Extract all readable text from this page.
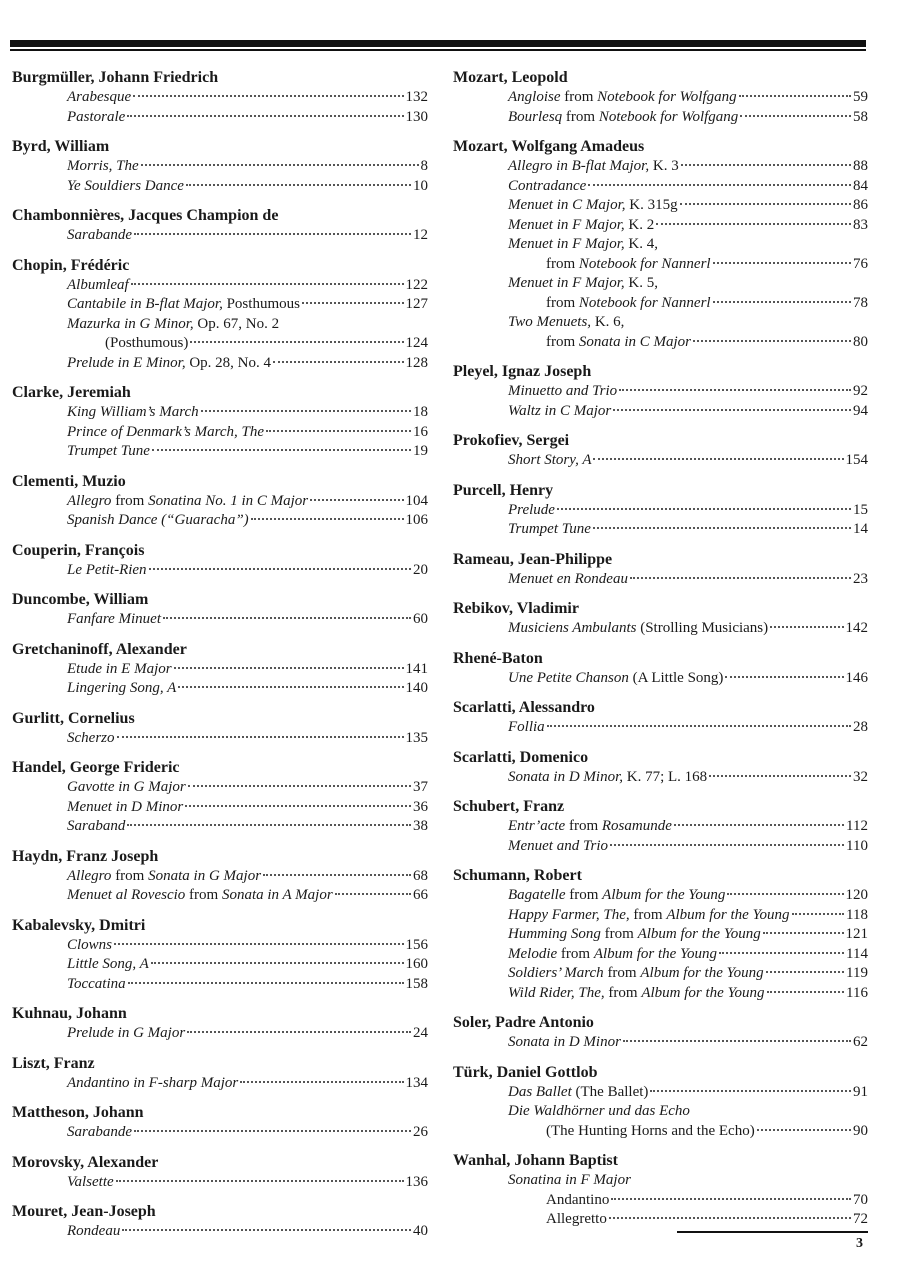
Burgmüller, Johann Friedrich
Arabesque	132
Pastorale	130
Byrd, William
Morris, The	8
Ye Souldiers Dance	10
Chambonnières, Jacques Champion de
Sarabande	12
Chopin, Frédéric
Albumleaf	122
Cantabile in B-flat Major, Posthumous	127
Mazurka in G Minor, Op. 67, No. 2
(Posthumous)	124
Prelude in E Minor, Op. 28, No. 4	128
Clarke, Jeremiah
King William’s March	18
Prince of Denmark’s March, The	16
Trumpet Tune	19
Clementi, Muzio
Allegro from Sonatina No. 1 in C Major	104
Spanish Dance (“Guaracha”)	106
Couperin, François
Le Petit-Rien	20
Duncombe, William
Fanfare Minuet	60
Gretchaninoff, Alexander
Etude in E Major	141
Lingering Song, A	140
Gurlitt, Cornelius
Scherzo	135
Handel, George Frideric
Gavotte in G Major	37
Menuet in D Minor	36
Saraband	38
Haydn, Franz Joseph
Allegro from Sonata in G Major	68
Menuet al Rovescio from Sonata in A Major	66
Kabalevsky, Dmitri
Clowns	156
Little Song, A	160
Toccatina	158
Kuhnau, Johann
Prelude in G Major	24
Liszt, Franz
Andantino in F-sharp Major	134
Mattheson, Johann
Sarabande	26
Morovsky, Alexander
Valsette	136
Mouret, Jean-Joseph
Rondeau	40
Mozart, Leopold
Angloise from Notebook for Wolfgang	59
Bourlesq from Notebook for Wolfgang	58
Mozart, Wolfgang Amadeus
Allegro in B-flat Major, K. 3	88
Contradance	84
Menuet in C Major, K. 315g	86
Menuet in F Major, K. 2	83
Menuet in F Major, K. 4,
from Notebook for Nannerl	76
Menuet in F Major, K. 5,
from Notebook for Nannerl	78
Two Menuets, K. 6,
from Sonata in C Major	80
Pleyel, Ignaz Joseph
Minuetto and Trio	92
Waltz in C Major	94
Prokofiev, Sergei
Short Story, A	154
Purcell, Henry
Prelude	15
Trumpet Tune	14
Rameau, Jean-Philippe
Menuet en Rondeau	23
Rebikov, Vladimir
Musiciens Ambulants (Strolling Musicians)	142
Rhené-Baton
Une Petite Chanson (A Little Song)	146
Scarlatti, Alessandro
Follia	28
Scarlatti, Domenico
Sonata in D Minor, K. 77; L. 168	32
Schubert, Franz
Entr’acte from Rosamunde	112
Menuet and Trio	110
Schumann, Robert
Bagatelle from Album for the Young	120
Happy Farmer, The, from Album for the Young	118
Humming Song from Album for the Young	121
Melodie from Album for the Young	114
Soldiers’ March from Album for the Young	119
Wild Rider, The, from Album for the Young	116
Soler, Padre Antonio
Sonata in D Minor	62
Türk, Daniel Gottlob
Das Ballet (The Ballet)	91
Die Waldhörner und das Echo
(The Hunting Horns and the Echo)	90
Wanhal, Johann Baptist
Sonatina in F Major
Andantino	70
Allegretto	72
3
